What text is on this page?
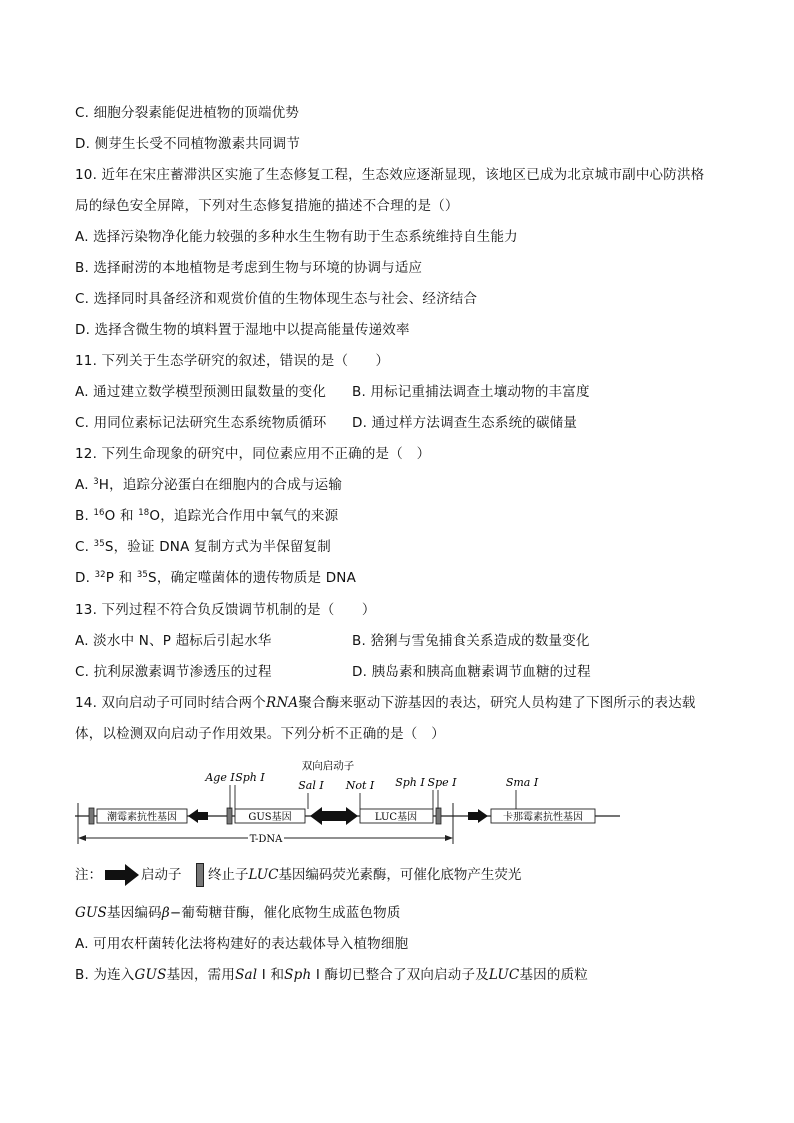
C. 细胞分裂素能促进植物的顶端优势
D. 侧芽生长受不同植物激素共同调节
10. 近年在宋庄蓄滞洪区实施了生态修复工程，生态效应逐渐显现，该地区已成为北京城市副中心防洪格
局的绿色安全屏障，下列对生态修复措施的描述不合理的是（）
A. 选择污染物净化能力较强的多种水生生物有助于生态系统维持自生能力
B. 选择耐涝的本地植物是考虑到生物与环境的协调与适应
C. 选择同时具备经济和观赏价值的生物体现生态与社会、经济结合
D. 选择含微生物的填料置于湿地中以提高能量传递效率
11. 下列关于生态学研究的叙述，错误的是（　　）
A. 通过建立数学模型预测田鼠数量的变化 B. 用标记重捕法调查土壤动物的丰富度
C. 用同位素标记法研究生态系统物质循环 D. 通过样方法调查生态系统的碳储量
12. 下列生命现象的研究中，同位素应用不正确的是（　）
A. $^3$H，追踪分泌蛋白在细胞内的合成与运输
B. $^{16}$O 和 $^{18}$O，追踪光合作用中氧气的来源
C. $^{35}$S，验证 DNA 复制方式为半保留复制
D. $^{32}$P 和 $^{35}$S，确定噬菌体的遗传物质是 DNA
13. 下列过程不符合负反馈调节机制的是（　　）
A. 淡水中 N、P 超标后引起水华	B. 猞猁与雪兔捕食关系造成的数量变化
C. 抗利尿激素调节渗透压的过程	D. 胰岛素和胰高血糖素调节血糖的过程
14. 双向启动子可同时结合两个RNA聚合酶来驱动下游基因的表达，研究人员构建了下图所示的表达载
体，以检测双向启动子作用效果。下列分析不正确的是（　）
潮霉素抗性基因	GUS基因	LUC基因	卡那霉素抗性基因
Age Ⅰ Sph Ⅰ
双向启动子
Sal Ⅰ Not Ⅰ Sph Ⅰ Spe Ⅰ	Sma Ⅰ
T-DNA
注：	启动子 终止子LUC基因编码荧光素酶，可催化底物产生荧光
GUS基因编码β−葡萄糖苷酶，催化底物生成蓝色物质
A. 可用农杆菌转化法将构建好的表达载体导入植物细胞
B. 为连入GUS基因，需用Sal Ⅰ 和Sph Ⅰ 酶切已整合了双向启动子及LUC基因的质粒
